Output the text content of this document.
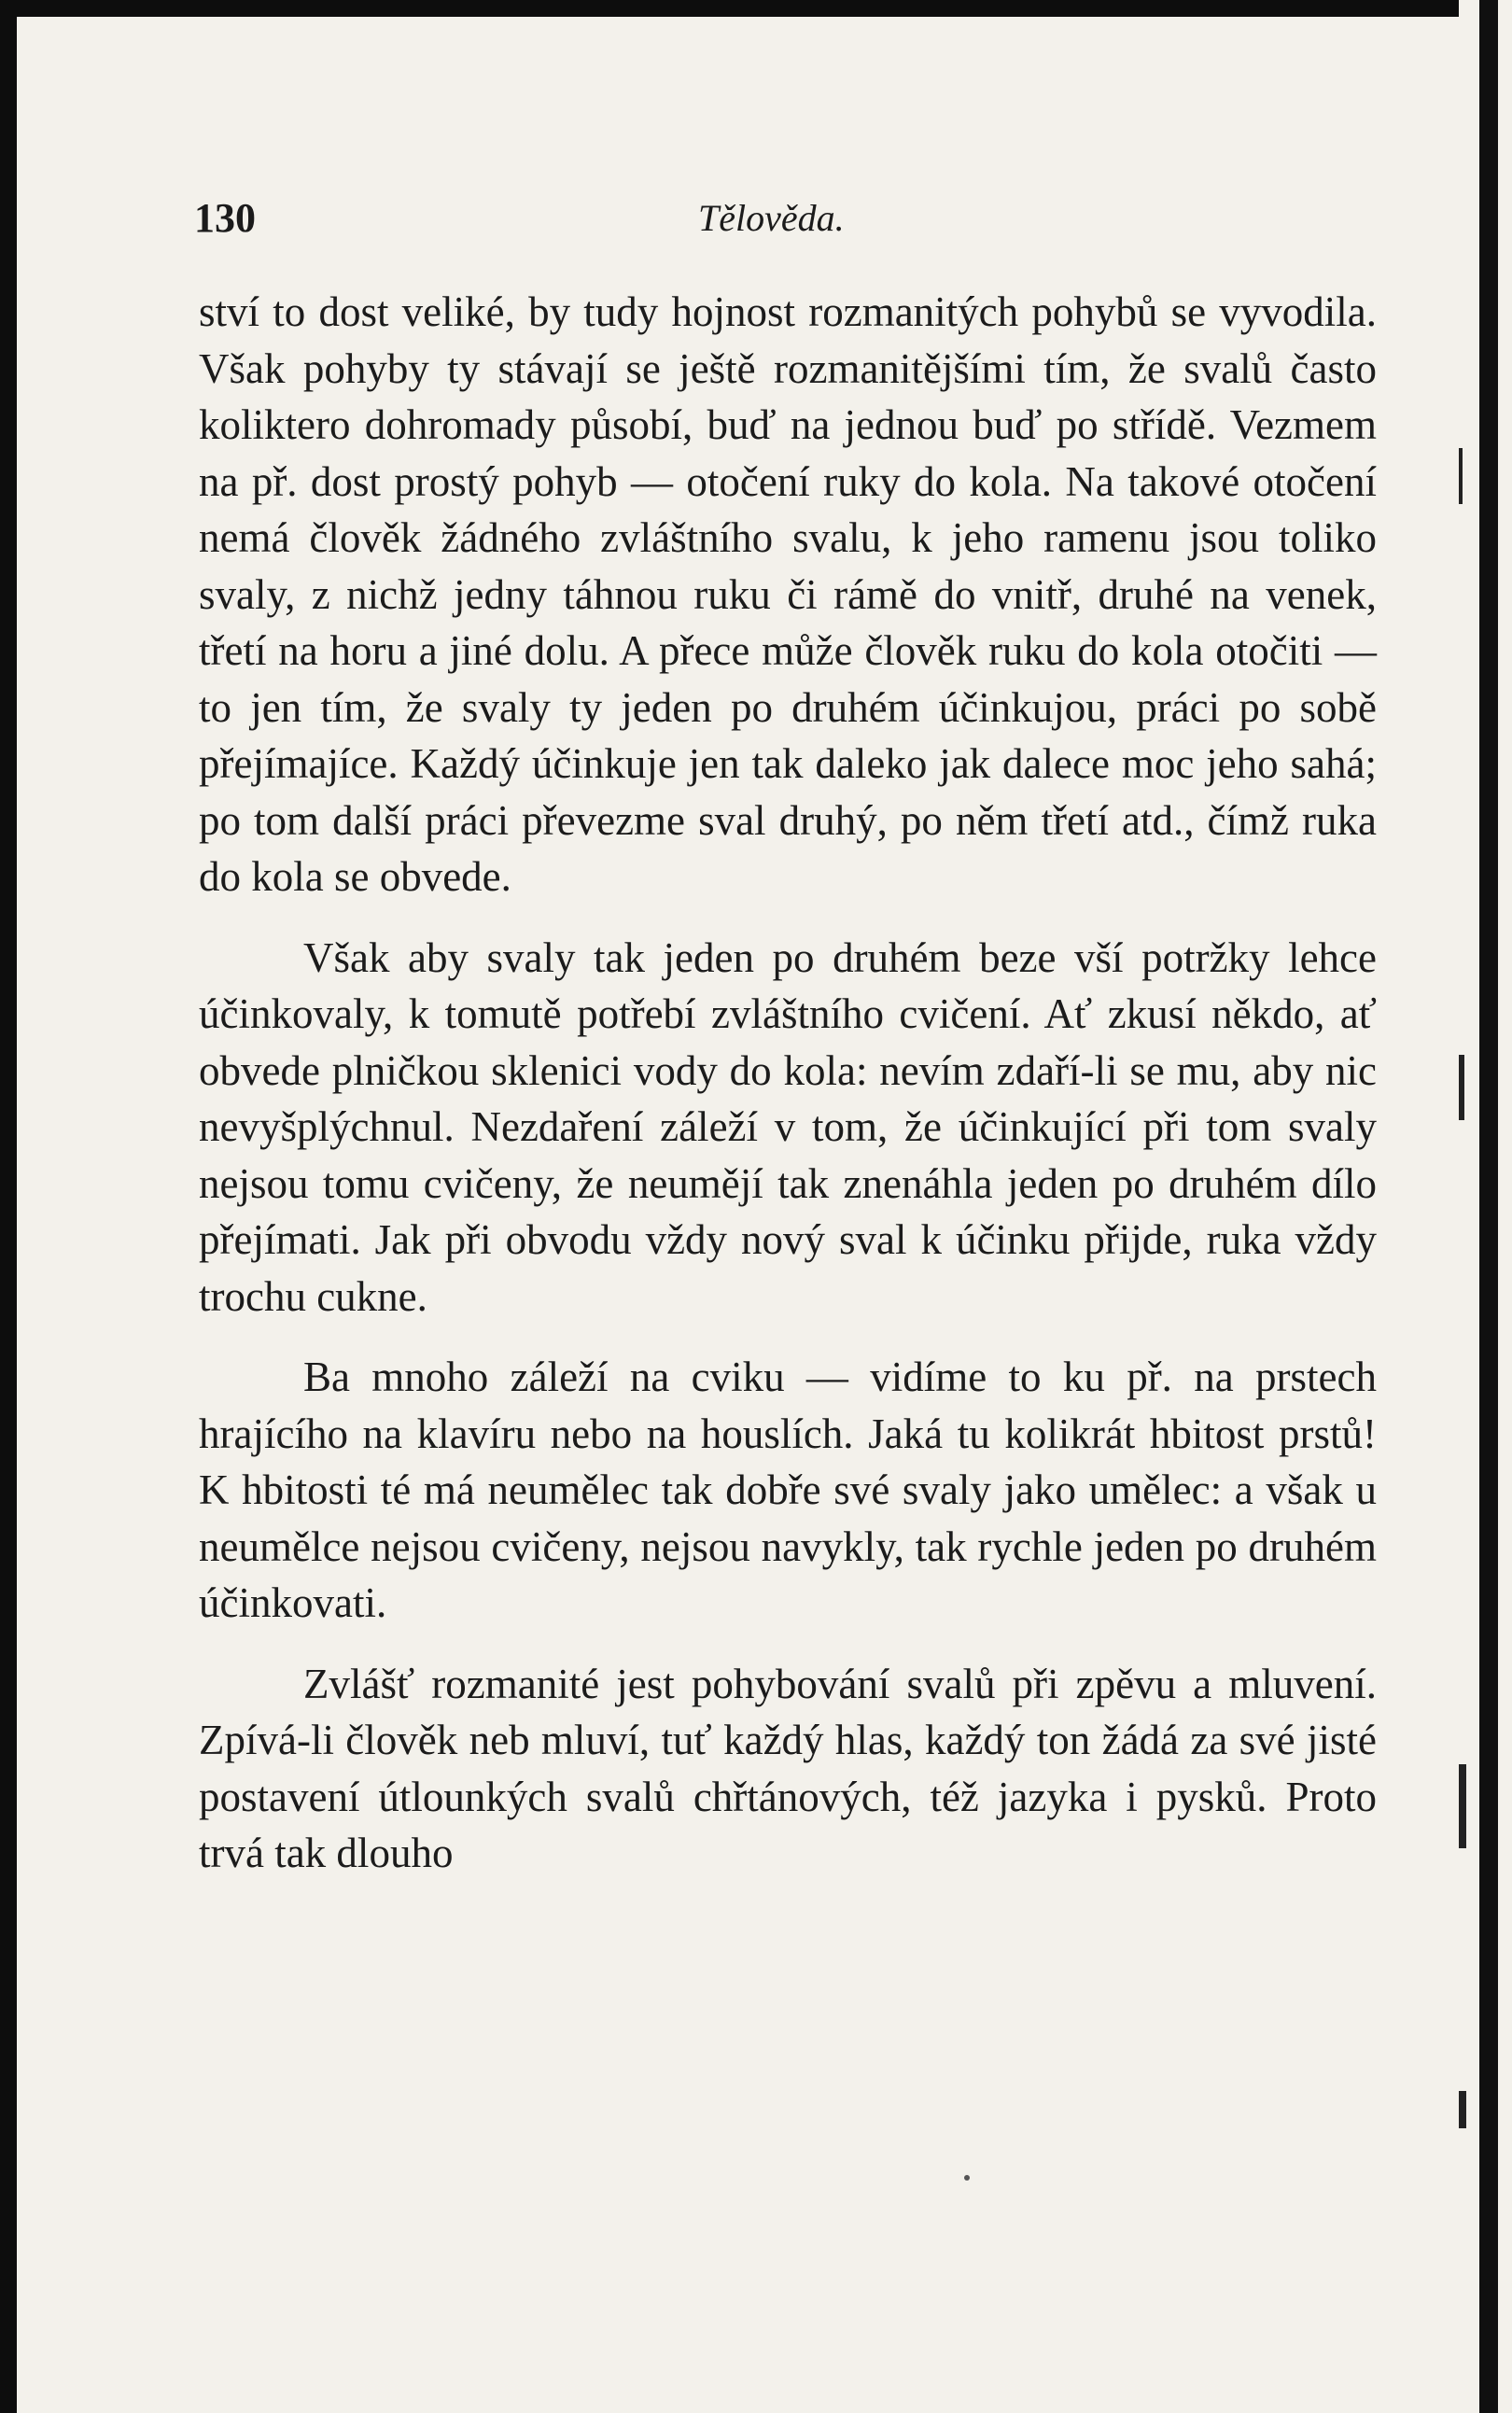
130	Tělověda.

ství to dost veliké, by tudy hojnost rozmanitých pohybů se vyvodila. Však pohyby ty stávají se ještě rozmanitějšími tím, že svalů často koliktero dohromady působí, buď na jednou buď po střídě. Vezmem na př. dost prostý pohyb — otočení ruky do kola. Na takové otočení nemá člověk žádného zvláštního svalu, k jeho ramenu jsou toliko svaly, z nichž jedny táhnou ruku či rámě do vnitř, druhé na venek, třetí na horu a jiné dolu. A přece může člověk ruku do kola otočiti — to jen tím, že svaly ty jeden po druhém účinkujou, práci po sobě přejímajíce. Každý účinkuje jen tak daleko jak dalece moc jeho sahá; po tom další práci převezme sval druhý, po něm třetí atd., čímž ruka do kola se obvede.

Však aby svaly tak jeden po druhém beze vší potržky lehce účinkovaly, k tomutě potřebí zvláštního cvičení. Ať zkusí někdo, ať obvede plničkou sklenici vody do kola: nevím zdaří-li se mu, aby nic nevyšplýchnul. Nezdaření záleží v tom, že účinkující při tom svaly nejsou tomu cvičeny, že neumějí tak znenáhla jeden po druhém dílo přejímati. Jak při obvodu vždy nový sval k účinku přijde, ruka vždy trochu cukne.

Ba mnoho záleží na cviku — vidíme to ku př. na prstech hrajícího na klavíru nebo na houslích. Jaká tu kolikrát hbitost prstů! K hbitosti té má neumělec tak dobře své svaly jako umělec: a však u neumělce nejsou cvičeny, nejsou navykly, tak rychle jeden po druhém účinkovati.

Zvlášť rozmanité jest pohybování svalů při zpěvu a mluvení. Zpívá-li člověk neb mluví, tuť každý hlas, každý ton žádá za své jisté postavení útlounkých svalů chřtánových, též jazyka i pysků. Proto trvá tak dlouho
